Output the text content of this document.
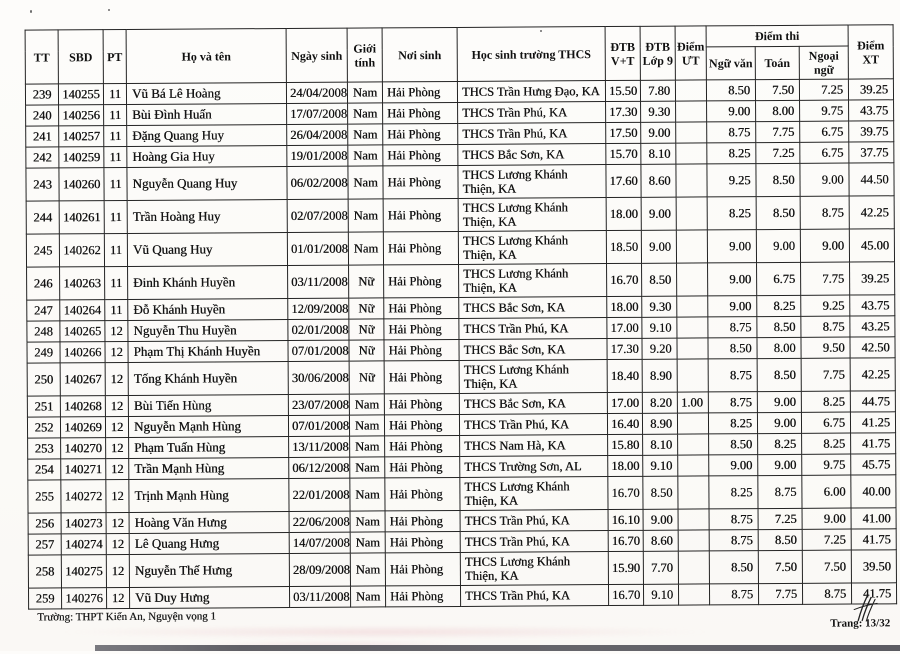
TT	SBD	PT	Họ và tên	Ngày sinh	Giới tính	Nơi sinh	Học sinh trường THCS	ĐTB V+T	ĐTB Lớp 9	Điểm ƯT	Điểm thi			Điểm XT
											Ngữ văn	Toán	Ngoại ngữ	
239	140255	11	Vũ Bá Lê Hoàng	24/04/2008	Nam	Hải Phòng	THCS Trần Hưng Đạo, KA	15.50	7.80		8.50	7.50	7.25	39.25
240	140256	11	Bùi Đình Huấn	17/07/2008	Nam	Hải Phòng	THCS Trần Phú, KA	17.30	9.30		9.00	8.00	9.75	43.75
241	140257	11	Đặng Quang Huy	26/04/2008	Nam	Hải Phòng	THCS Trần Phú, KA	17.50	9.00		8.75	7.75	6.75	39.75
242	140259	11	Hoàng Gia Huy	19/01/2008	Nam	Hải Phòng	THCS Bắc Sơn, KA	15.70	8.10		8.25	7.25	6.75	37.75
243	140260	11	Nguyễn Quang Huy	06/02/2008	Nam	Hải Phòng	THCS Lương Khánh Thiện, KA	17.60	8.60		9.25	8.50	9.00	44.50
244	140261	11	Trần Hoàng Huy	02/07/2008	Nam	Hải Phòng	THCS Lương Khánh Thiện, KA	18.00	9.00		8.25	8.50	8.75	42.25
245	140262	11	Vũ Quang Huy	01/01/2008	Nam	Hải Phòng	THCS Lương Khánh Thiện, KA	18.50	9.00		9.00	9.00	9.00	45.00
246	140263	11	Đinh Khánh Huyền	03/11/2008	Nữ	Hải Phòng	THCS Lương Khánh Thiện, KA	16.70	8.50		9.00	6.75	7.75	39.25
247	140264	11	Đỗ Khánh Huyền	12/09/2008	Nữ	Hải Phòng	THCS Bắc Sơn, KA	18.00	9.30		9.00	8.25	9.25	43.75
248	140265	12	Nguyễn Thu Huyền	02/01/2008	Nữ	Hải Phòng	THCS Trần Phú, KA	17.00	9.10		8.75	8.50	8.75	43.25
249	140266	12	Phạm Thị Khánh Huyền	07/01/2008	Nữ	Hải Phòng	THCS Bắc Sơn, KA	17.30	9.20		8.50	8.00	9.50	42.50
250	140267	12	Tống Khánh Huyền	30/06/2008	Nữ	Hải Phòng	THCS Lương Khánh Thiện, KA	18.40	8.90		8.75	8.50	7.75	42.25
251	140268	12	Bùi Tiến Hùng	23/07/2008	Nam	Hải Phòng	THCS Bắc Sơn, KA	17.00	8.20	1.00	8.75	9.00	8.25	44.75
252	140269	12	Nguyễn Mạnh Hùng	07/01/2008	Nam	Hải Phòng	THCS Trần Phú, KA	16.40	8.90		8.25	9.00	6.75	41.25
253	140270	12	Phạm Tuấn Hùng	13/11/2008	Nam	Hải Phòng	THCS Nam Hà, KA	15.80	8.10		8.50	8.25	8.25	41.75
254	140271	12	Trần Mạnh Hùng	06/12/2008	Nam	Hải Phòng	THCS Trường Sơn, AL	18.00	9.10		9.00	9.00	9.75	45.75
255	140272	12	Trịnh Mạnh Hùng	22/01/2008	Nam	Hải Phòng	THCS Lương Khánh Thiện, KA	16.70	8.50		8.25	8.75	6.00	40.00
256	140273	12	Hoàng Văn Hưng	22/06/2008	Nam	Hải Phòng	THCS Trần Phú, KA	16.10	9.00		8.75	7.25	9.00	41.00
257	140274	12	Lê Quang Hưng	14/07/2008	Nam	Hải Phòng	THCS Trần Phú, KA	16.70	8.60		8.75	8.50	7.25	41.75
258	140275	12	Nguyễn Thế Hưng	28/09/2008	Nam	Hải Phòng	THCS Lương Khánh Thiện, KA	15.90	7.70		8.50	7.50	7.50	39.50
259	140276	12	Vũ Duy Hưng	03/11/2008	Nam	Hải Phòng	THCS Trần Phú, KA	16.70	9.10		8.75	7.75	8.75	41.75
Trường: THPT Kiến An, Nguyện vọng 1	Trang: 13/32
